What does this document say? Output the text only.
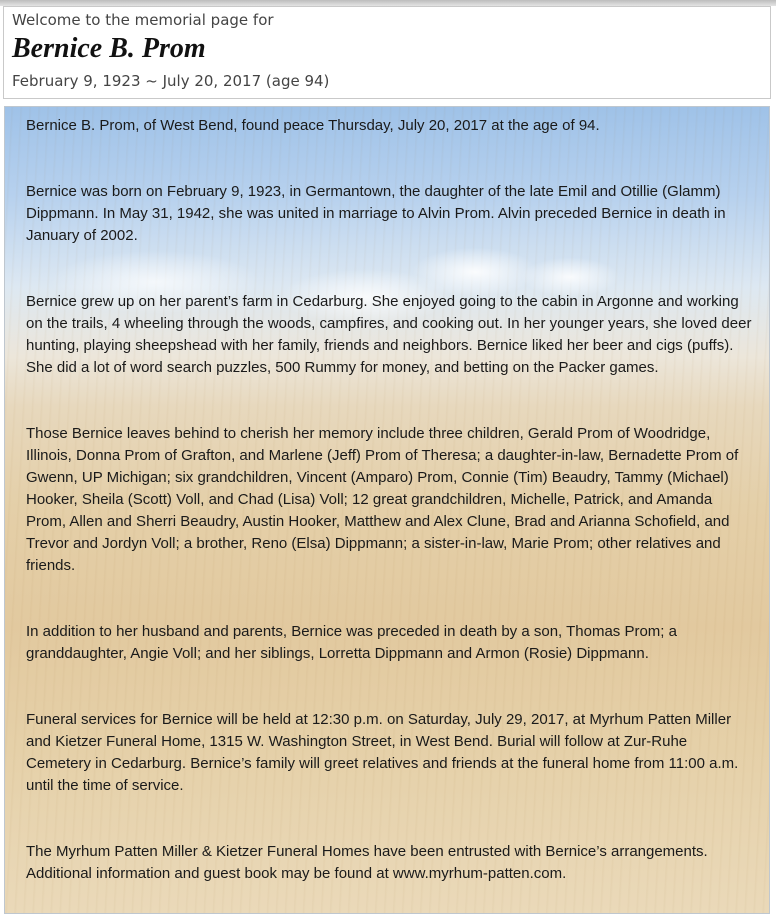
Welcome to the memorial page for
Bernice B. Prom
February 9, 1923 ~ July 20, 2017 (age 94)

Bernice B. Prom, of West Bend, found peace Thursday, July 20, 2017 at the age of 94.

Bernice was born on February 9, 1923, in Germantown, the daughter of the late Emil and Otillie (Glamm) Dippmann. In May 31, 1942, she was united in marriage to Alvin Prom. Alvin preceded Bernice in death in January of 2002.

Bernice grew up on her parent’s farm in Cedarburg. She enjoyed going to the cabin in Argonne and working on the trails, 4 wheeling through the woods, campfires, and cooking out. In her younger years, she loved deer hunting, playing sheepshead with her family, friends and neighbors. Bernice liked her beer and cigs (puffs). She did a lot of word search puzzles, 500 Rummy for money, and betting on the Packer games.

Those Bernice leaves behind to cherish her memory include three children, Gerald Prom of Woodridge, Illinois, Donna Prom of Grafton, and Marlene (Jeff) Prom of Theresa; a daughter-in-law, Bernadette Prom of Gwenn, UP Michigan; six grandchildren, Vincent (Amparo) Prom, Connie (Tim) Beaudry, Tammy (Michael) Hooker, Sheila (Scott) Voll, and Chad (Lisa) Voll; 12 great grandchildren, Michelle, Patrick, and Amanda Prom, Allen and Sherri Beaudry, Austin Hooker, Matthew and Alex Clune, Brad and Arianna Schofield, and Trevor and Jordyn Voll; a brother, Reno (Elsa) Dippmann; a sister-in-law, Marie Prom; other relatives and friends.

In addition to her husband and parents, Bernice was preceded in death by a son, Thomas Prom; a granddaughter, Angie Voll; and her siblings, Lorretta Dippmann and Armon (Rosie) Dippmann.

Funeral services for Bernice will be held at 12:30 p.m. on Saturday, July 29, 2017, at Myrhum Patten Miller and Kietzer Funeral Home, 1315 W. Washington Street, in West Bend. Burial will follow at Zur-Ruhe Cemetery in Cedarburg. Bernice’s family will greet relatives and friends at the funeral home from 11:00 a.m. until the time of service.

The Myrhum Patten Miller & Kietzer Funeral Homes have been entrusted with Bernice’s arrangements. Additional information and guest book may be found at www.myrhum-patten.com.
